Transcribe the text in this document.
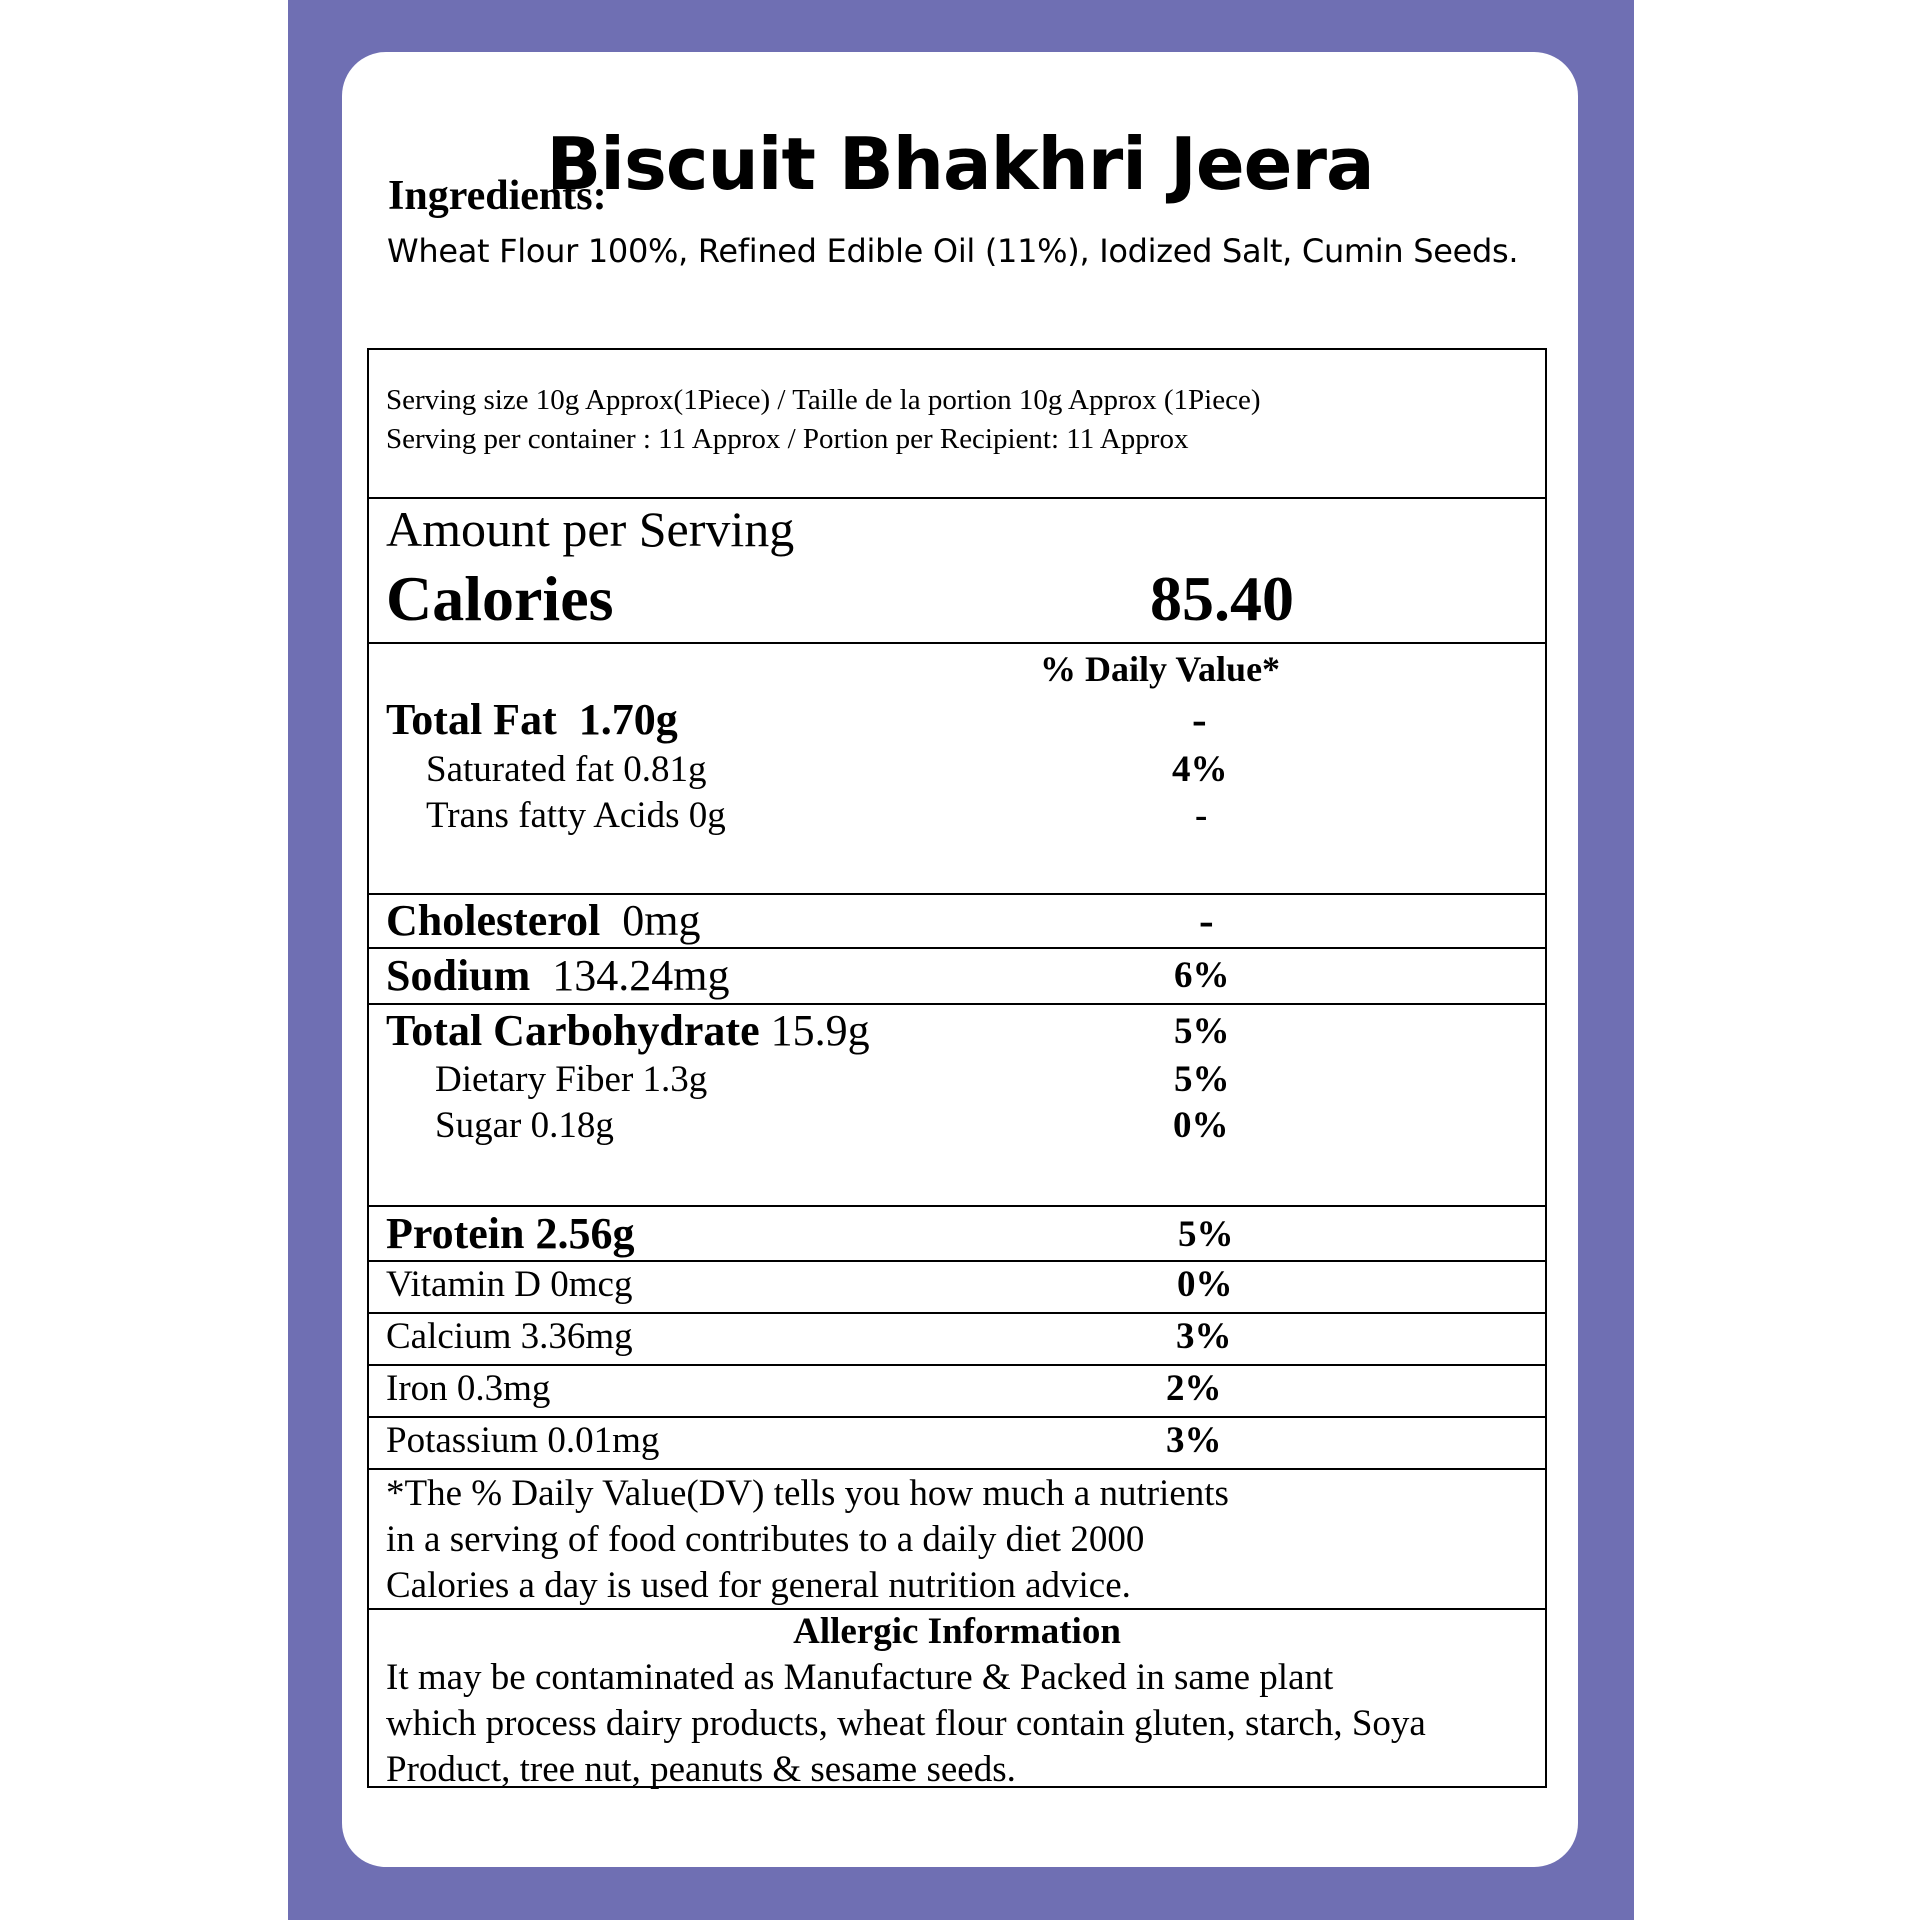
Biscuit Bhakhri Jeera
Ingredients:
Wheat Flour 100%, Refined Edible Oil (11%), Iodized Salt, Cumin Seeds.
Serving size 10g Approx(1Piece) / Taille de la portion 10g Approx (1Piece)
Serving per container : 11 Approx / Portion per Recipient: 11 Approx
Amount per Serving
Calories	85.40
% Daily Value*
Total Fat 1.70g	-
Saturated fat 0.81g	4%
Trans fatty Acids 0g	-
Cholesterol 0mg	-
Sodium 134.24mg	6%
Total Carbohydrate 15.9g	5%
Dietary Fiber 1.3g	5%
Sugar 0.18g	0%
Protein 2.56g	5%
Vitamin D 0mcg	0%
Calcium 3.36mg	3%
Iron 0.3mg	2%
Potassium 0.01mg	3%
*The % Daily Value(DV) tells you how much a nutrients
in a serving of food contributes to a daily diet 2000
Calories a day is used for general nutrition advice.
Allergic Information
It may be contaminated as Manufacture & Packed in same plant
which process dairy products, wheat flour contain gluten, starch, Soya
Product, tree nut, peanuts & sesame seeds.
